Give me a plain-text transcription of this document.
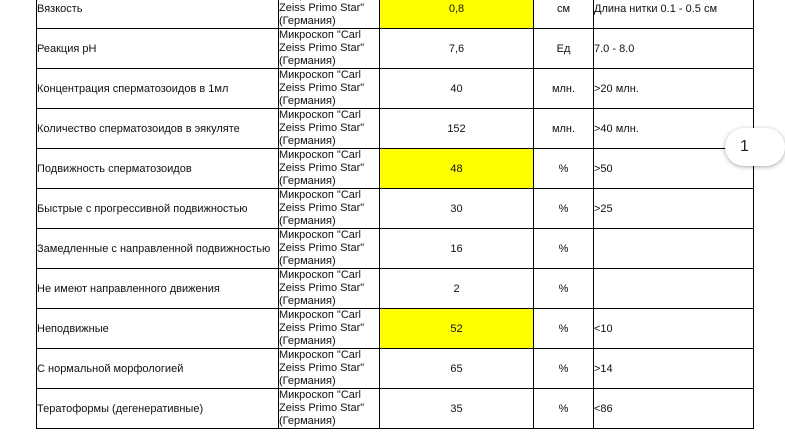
Вязкость	Zeiss Primo Star" (Германия)	0,8	см	Длина нитки 0.1 - 0.5 см
Реакция pH	Микроскоп "Carl Zeiss Primo Star" (Германия)	7,6	Ед	7.0 - 8.0
Концентрация сперматозоидов в 1мл	Микроскоп "Carl Zeiss Primo Star" (Германия)	40	млн.	>20 млн.
Количество сперматозоидов в эякуляте	Микроскоп "Carl Zeiss Primo Star" (Германия)	152	млн.	>40 млн.
Подвижность сперматозоидов	Микроскоп "Carl Zeiss Primo Star" (Германия)	48	%	>50
Быстрые с прогрессивной подвижностью	Микроскоп "Carl Zeiss Primo Star" (Германия)	30	%	>25
Замедленные с направленной подвижностью	Микроскоп "Carl Zeiss Primo Star" (Германия)	16	%	
Не имеют направленного движения	Микроскоп "Carl Zeiss Primo Star" (Германия)	2	%	
Неподвижные	Микроскоп "Carl Zeiss Primo Star" (Германия)	52	%	<10
С нормальной морфологией	Микроскоп "Carl Zeiss Primo Star" (Германия)	65	%	>14
Тератоформы (дегенеративные)	Микроскоп "Carl Zeiss Primo Star" (Германия)	35	%	<86
1
